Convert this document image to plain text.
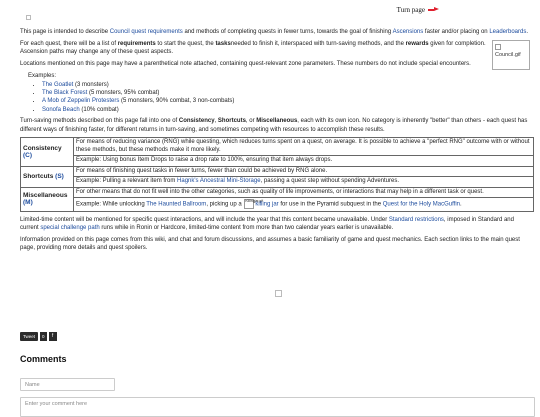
Turn page
Council.gif

This page is intended to describe Council quest requirements and methods of completing quests in fewer turns, towards the goal of finishing Ascensions faster and/or placing on Leaderboards.

For each quest, there will be a list of requirements to start the quest, the tasksneeded to finish it, interspaced with turn-saving methods, and the rewards given for completion. Ascension paths may change any of these quest aspects.

Locations mentioned on this page may have a parenthetical note attached, containing quest-relevant zone parameters. These numbers do not include special encounters.

Examples:
• The Goatlet (3 monsters)
• The Black Forest (5 monsters, 95% combat)
• A Mob of Zeppelin Protesters (5 monsters, 90% combat, 3 non-combats)
• Sonofa Beach (10% combat)

Turn-saving methods described on this page fall into one of Consistency, Shortcuts, or Miscellaneous, each with its own icon. No category is inherently "better" than others - each quest has different ways of finishing faster, for different returns in turn-saving, and sometimes competing with resources to accomplish these results.

Consistency (C)	For means of reducing variance (RNG) while questing, which reduces turns spent on a quest, on average. It is possible to achieve a "perfect RNG" outcome with or without these methods, but these methods make it more likely.
	Example: Using bonus Item Drops to raise a drop rate to 100%, ensuring that item always drops.
Shortcuts (S)	For means of finishing quest tasks in fewer turns, fewer than could be achieved by RNG alone.
	Example: Pulling a relevant item from Hagnk's Ancestral Mini-Storage, passing a quest step without spending Adventures.
Miscellaneous (M)	For other means that do not fit well into the other categories, such as quality of life improvements, or interactions that may help in a different task or quest.
	Example: While unlocking The Haunted Ballroom, picking up a Killingjar.gifkilling jar for use in the Pyramid subquest in the Quest for the Holy MacGuffin.

Limited-time content will be mentioned for specific quest interactions, and will include the year that this content became unavailable. Under Standard restrictions, imposed in Standard and current special challenge path runs while in Ronin or Hardcore, limited-time content from more than two calendar years earlier is unavailable.

Information provided on this page comes from this wiki, and chat and forum discussions, and assumes a basic familiarity of game and quest mechanics. Each section links to the main quest page, providing more details and quest spoilers.

Tweet	0	f
Comments
Name
Enter your comment here
